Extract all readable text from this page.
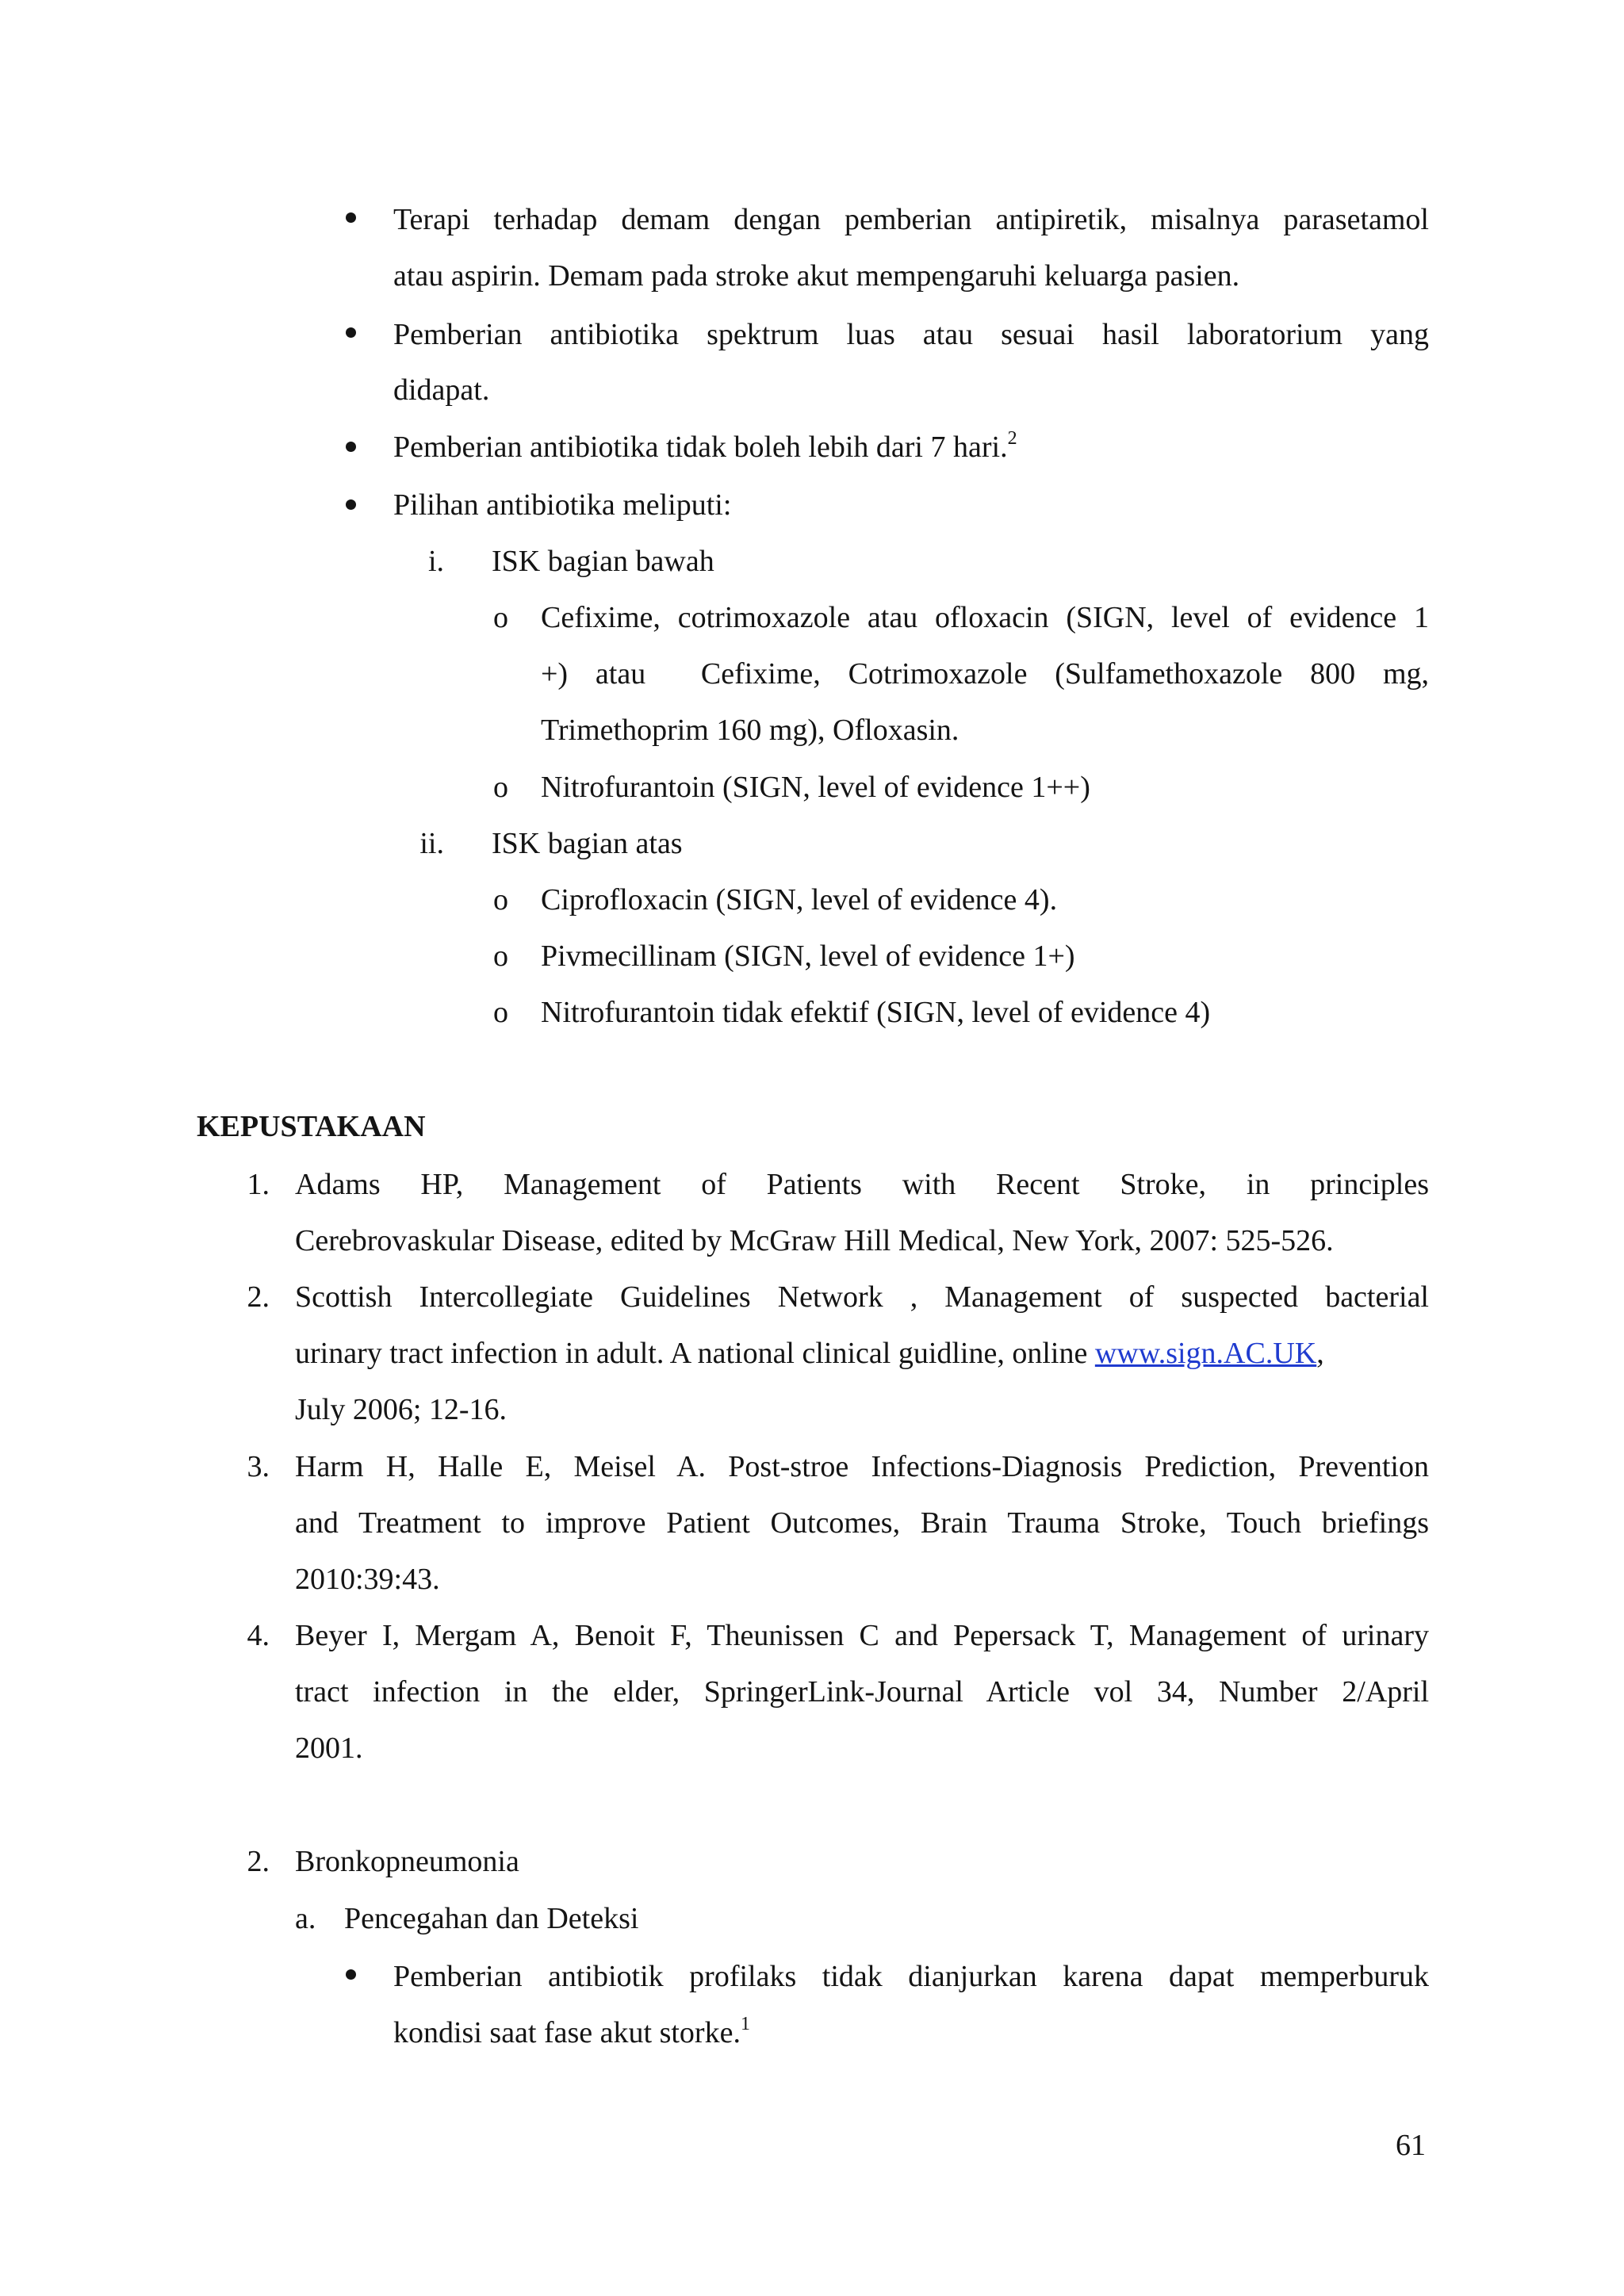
Terapi terhadap demam dengan pemberian antipiretik, misalnya parasetamol
atau aspirin. Demam pada stroke akut mempengaruhi keluarga pasien.
Pemberian antibiotika spektrum luas atau sesuai hasil laboratorium yang
didapat.
Pemberian antibiotika tidak boleh lebih dari 7 hari.$^2$
Pilihan antibiotika meliputi:
i. ISK bagian bawah
o Cefixime, cotrimoxazole atau ofloxacin (SIGN, level of evidence 1
+) atau  Cefixime, Cotrimoxazole (Sulfamethoxazole 800 mg,
Trimethoprim 160 mg), Ofloxasin.
o Nitrofurantoin (SIGN, level of evidence 1++)
ii. ISK bagian atas
o Ciprofloxacin (SIGN, level of evidence 4).
o Pivmecillinam (SIGN, level of evidence 1+)
o Nitrofurantoin tidak efektif (SIGN, level of evidence 4)
KEPUSTAKAAN
1. Adams HP, Management of Patients with Recent Stroke, in principles
Cerebrovaskular Disease, edited by McGraw Hill Medical, New York, 2007: 525-526.
2. Scottish Intercollegiate Guidelines Network , Management of suspected bacterial
urinary tract infection in adult. A national clinical guidline, online www.sign.AC.UK,
July 2006; 12-16.
3. Harm H, Halle E, Meisel A. Post-stroe Infections-Diagnosis Prediction, Prevention
and Treatment to improve Patient Outcomes, Brain Trauma Stroke, Touch briefings
2010:39:43.
4. Beyer I, Mergam A, Benoit F, Theunissen C and Pepersack T, Management of urinary
tract infection in the elder, SpringerLink-Journal Article vol 34, Number 2/April
2001.
2. Bronkopneumonia
a. Pencegahan dan Deteksi
Pemberian antibiotik profilaks tidak dianjurkan karena dapat memperburuk
kondisi saat fase akut storke.$^1$
61
